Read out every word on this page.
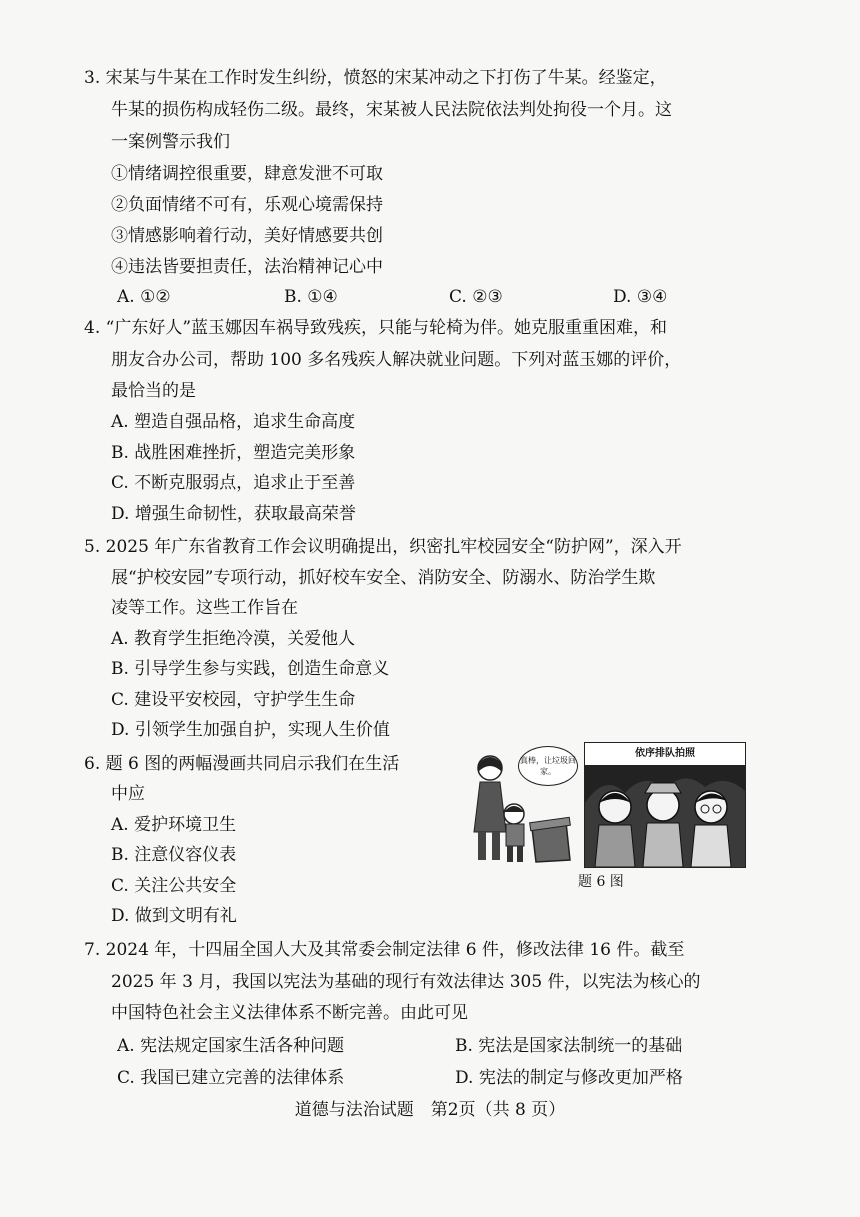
3. 宋某与牛某在工作时发生纠纷，愤怒的宋某冲动之下打伤了牛某。经鉴定，
牛某的损伤构成轻伤二级。最终，宋某被人民法院依法判处拘役一个月。这
一案例警示我们
①情绪调控很重要，肆意发泄不可取
②负面情绪不可有，乐观心境需保持
③情感影响着行动，美好情感要共创
④违法皆要担责任，法治精神记心中
A. ①②	B. ①④	C. ②③	D. ③④
4. “广东好人”蓝玉娜因车祸导致残疾，只能与轮椅为伴。她克服重重困难，和
朋友合办公司，帮助 100 多名残疾人解决就业问题。下列对蓝玉娜的评价，
最恰当的是
A. 塑造自强品格，追求生命高度
B. 战胜困难挫折，塑造完美形象
C. 不断克服弱点，追求止于至善
D. 增强生命韧性，获取最高荣誉
5. 2025 年广东省教育工作会议明确提出，织密扎牢校园安全“防护网”，深入开
展“护校安园”专项行动，抓好校车安全、消防安全、防溺水、防治学生欺
凌等工作。这些工作旨在
A. 教育学生拒绝冷漠，关爱他人
B. 引导学生参与实践，创造生命意义
C. 建设平安校园，守护学生生命
D. 引领学生加强自护，实现人生价值
6. 题 6 图的两幅漫画共同启示我们在生活
中应
A. 爱护环境卫生
B. 注意仪容仪表
C. 关注公共安全
D. 做到文明有礼
真棒，让垃圾回家。
依序排队拍照
题 6 图
7. 2024 年，十四届全国人大及其常委会制定法律 6 件，修改法律 16 件。截至
2025 年 3 月，我国以宪法为基础的现行有效法律达 305 件，以宪法为核心的
中国特色社会主义法律体系不断完善。由此可见
A. 宪法规定国家生活各种问题	B. 宪法是国家法制统一的基础
C. 我国已建立完善的法律体系	D. 宪法的制定与修改更加严格
道德与法治试题　第2页（共 8 页）
